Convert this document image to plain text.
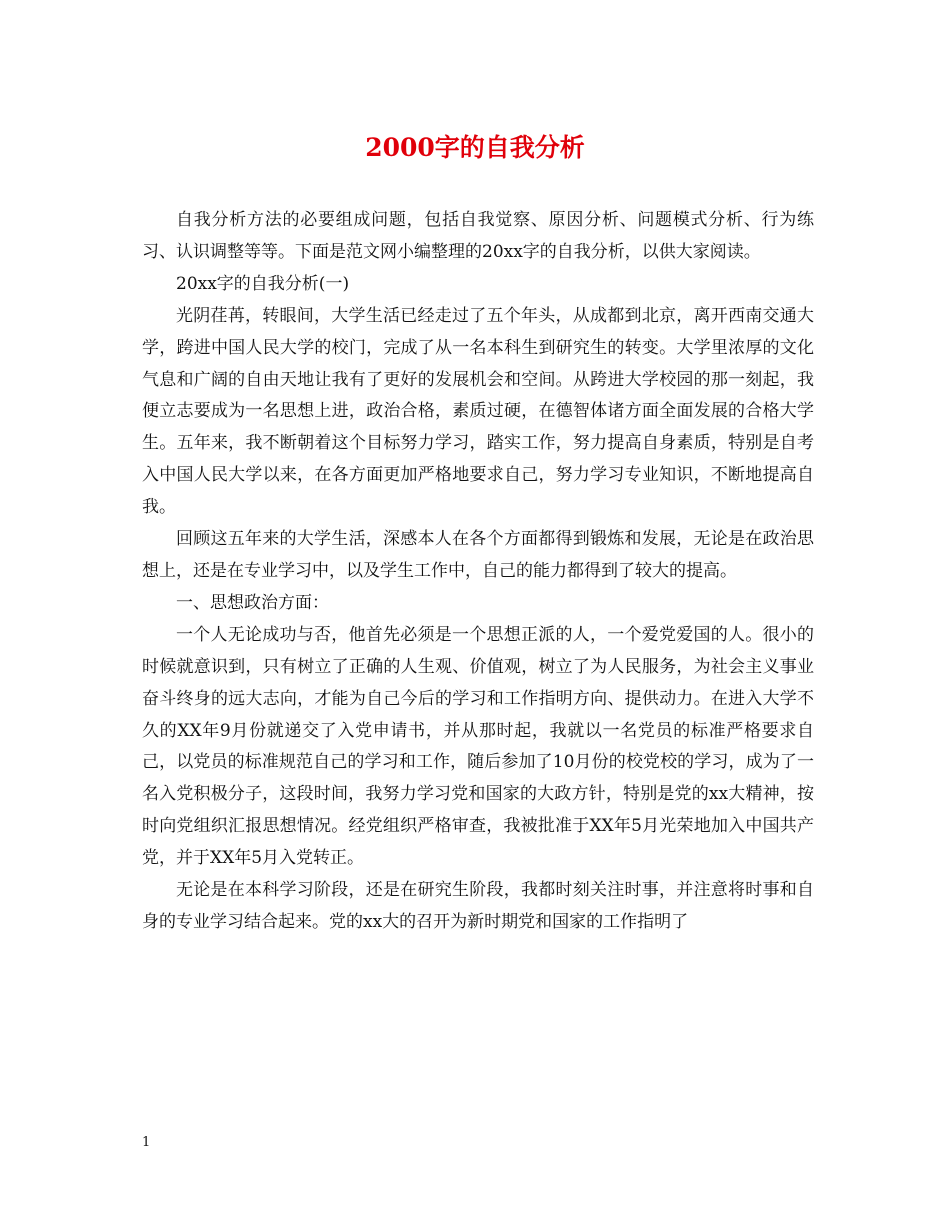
2000字的自我分析

自我分析方法的必要组成问题，包括自我觉察、原因分析、问题模式分析、行为练习、认识调整等等。下面是范文网小编整理的20xx字的自我分析，以供大家阅读。

20xx字的自我分析(一)

光阴荏苒，转眼间，大学生活已经走过了五个年头，从成都到北京，离开西南交通大学，跨进中国人民大学的校门，完成了从一名本科生到研究生的转变。大学里浓厚的文化气息和广阔的自由天地让我有了更好的发展机会和空间。从跨进大学校园的那一刻起，我便立志要成为一名思想上进，政治合格，素质过硬，在德智体诸方面全面发展的合格大学生。五年来，我不断朝着这个目标努力学习，踏实工作，努力提高自身素质，特别是自考入中国人民大学以来，在各方面更加严格地要求自己，努力学习专业知识，不断地提高自我。

回顾这五年来的大学生活，深感本人在各个方面都得到锻炼和发展，无论是在政治思想上，还是在专业学习中，以及学生工作中，自己的能力都得到了较大的提高。

一、思想政治方面：

一个人无论成功与否，他首先必须是一个思想正派的人，一个爱党爱国的人。很小的时候就意识到，只有树立了正确的人生观、价值观，树立了为人民服务，为社会主义事业奋斗终身的远大志向，才能为自己今后的学习和工作指明方向、提供动力。在进入大学不久的XX年9月份就递交了入党申请书，并从那时起，我就以一名党员的标准严格要求自己，以党员的标准规范自己的学习和工作，随后参加了10月份的校党校的学习，成为了一名入党积极分子，这段时间，我努力学习党和国家的大政方针，特别是党的xx大精神，按时向党组织汇报思想情况。经党组织严格审查，我被批准于XX年5月光荣地加入中国共产党，并于XX年5月入党转正。

无论是在本科学习阶段，还是在研究生阶段，我都时刻关注时事，并注意将时事和自身的专业学习结合起来。党的xx大的召开为新时期党和国家的工作指明了

1
